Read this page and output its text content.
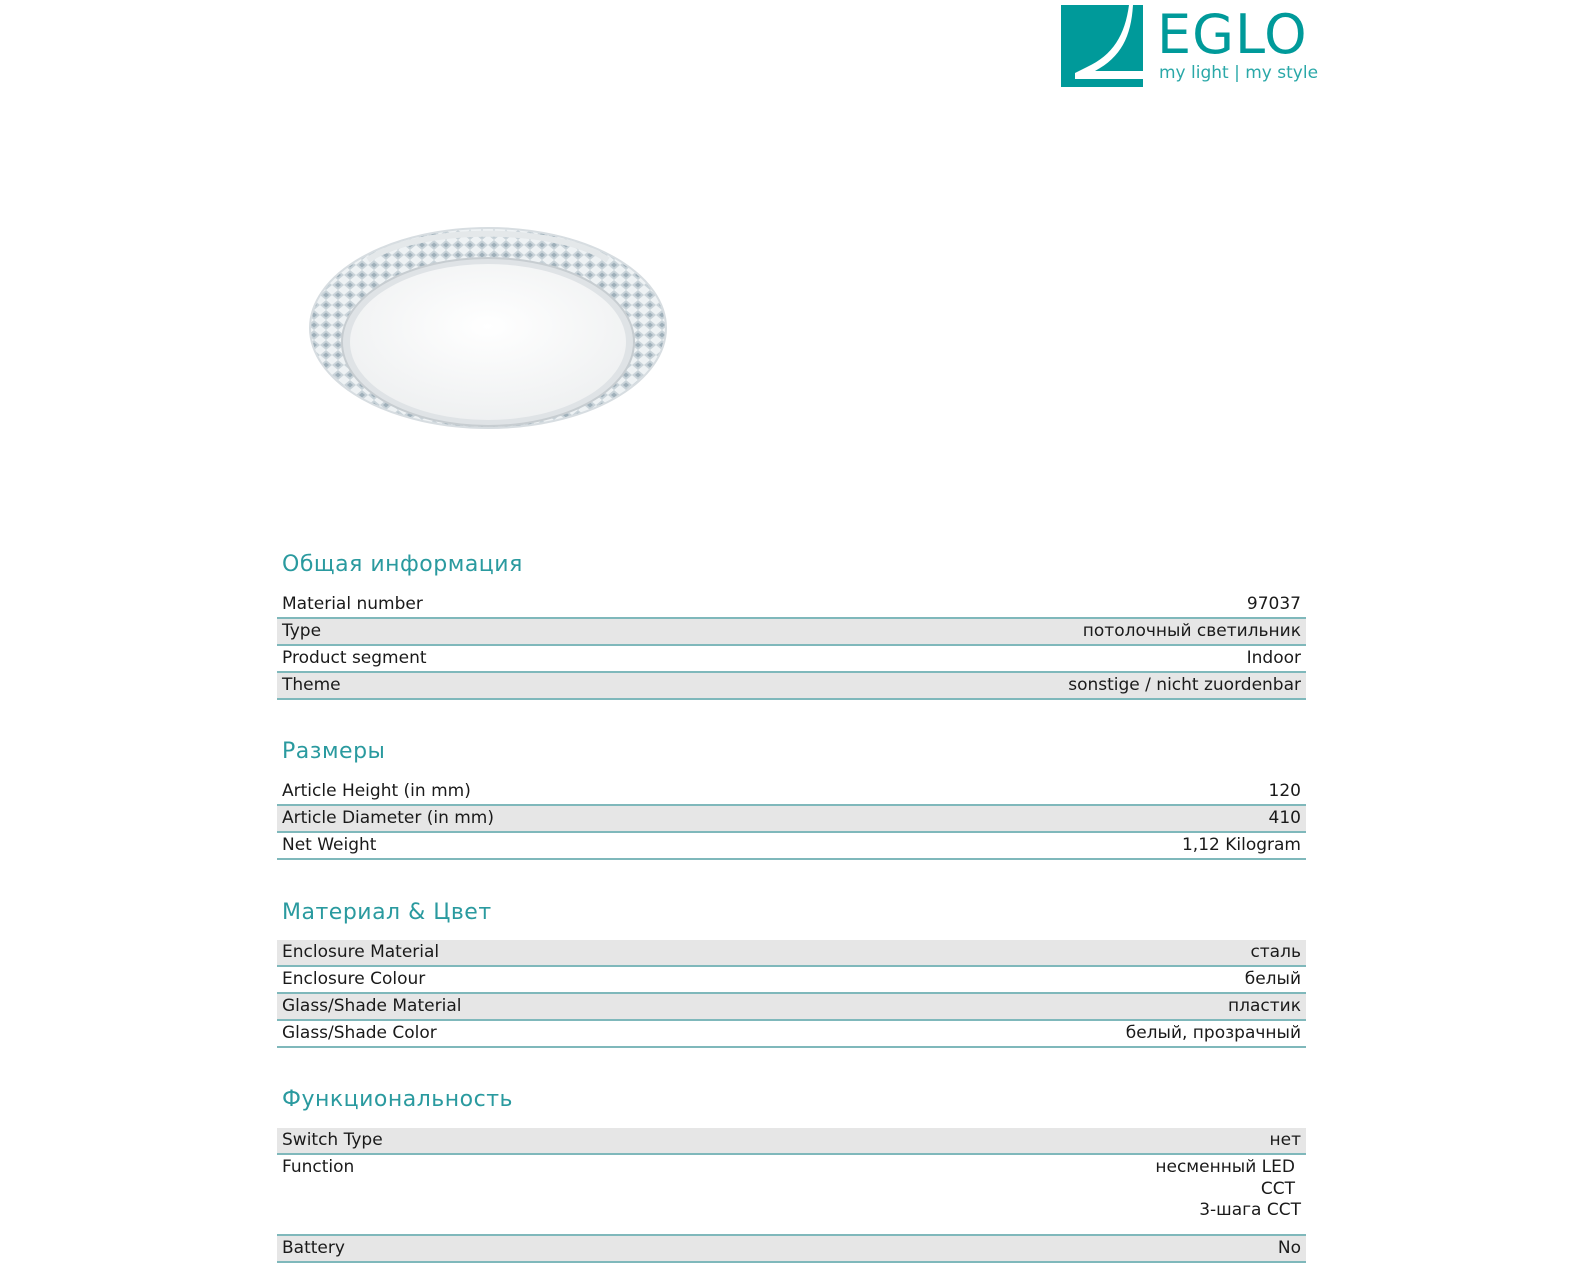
EGLO
my light | my style
Общая информация
Material number	97037
Type	потолочный светильник
Product segment	Indoor
Theme	sonstige / nicht zuordenbar
Размеры
Article Height (in mm)	120
Article Diameter (in mm)	410
Net Weight	1,12 Kilogram
Материал & Цвет
Enclosure Material	сталь
Enclosure Colour	белый
Glass/Shade Material	пластик
Glass/Shade Color	белый, прозрачный
Функциональность
Switch Type	нет
Function	несменный LED
CCT
3-шага CCT
Battery	No
